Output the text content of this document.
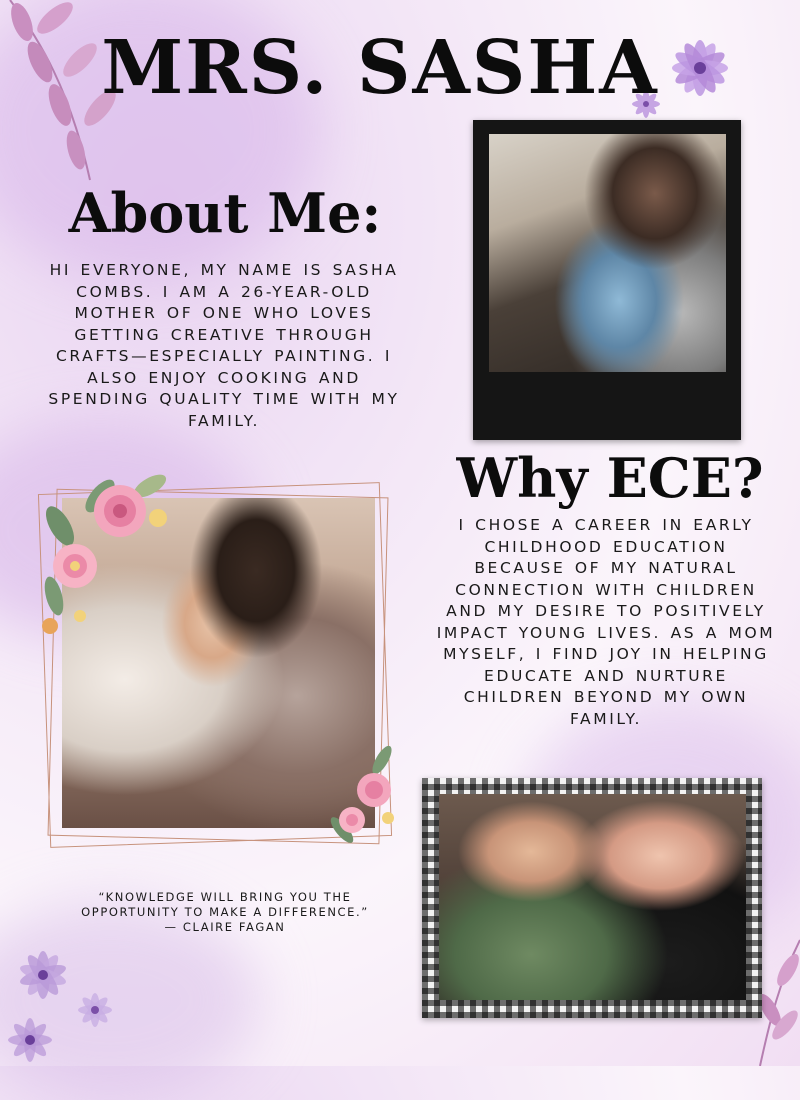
MRS. SASHA
About Me:

HI EVERYONE, MY NAME IS SASHA COMBS. I AM A 26-YEAR-OLD MOTHER OF ONE WHO LOVES GETTING CREATIVE THROUGH CRAFTS—ESPECIALLY PAINTING. I ALSO ENJOY COOKING AND SPENDING QUALITY TIME WITH MY FAMILY.

Why ECE?

I CHOSE A CAREER IN EARLY CHILDHOOD EDUCATION BECAUSE OF MY NATURAL CONNECTION WITH CHILDREN AND MY DESIRE TO POSITIVELY IMPACT YOUNG LIVES. AS A MOM MYSELF, I FIND JOY IN HELPING EDUCATE AND NURTURE CHILDREN BEYOND MY OWN FAMILY.

“KNOWLEDGE WILL BRING YOU THE OPPORTUNITY TO MAKE A DIFFERENCE.”
— CLAIRE FAGAN
